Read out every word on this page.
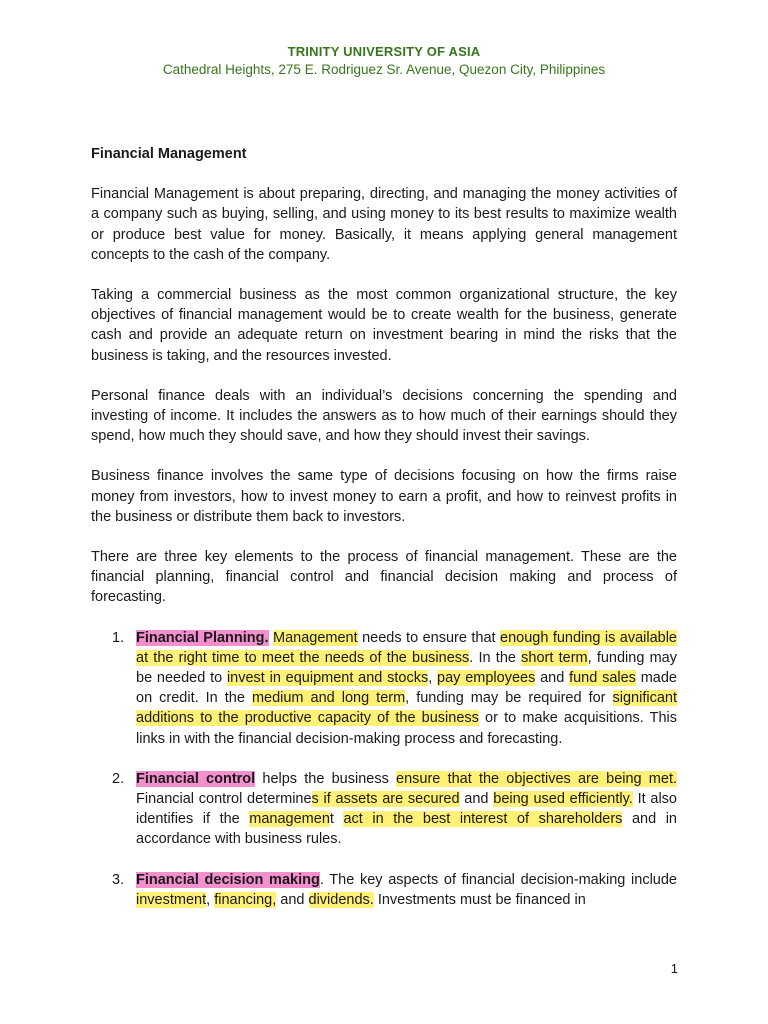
TRINITY UNIVERSITY OF ASIA
Cathedral Heights, 275 E. Rodriguez Sr. Avenue, Quezon City, Philippines
Financial Management

Financial Management is about preparing, directing, and managing the money activities of a company such as buying, selling, and using money to its best results to maximize wealth or produce best value for money. Basically, it means applying general management concepts to the cash of the company.

Taking a commercial business as the most common organizational structure, the key objectives of financial management would be to create wealth for the business, generate cash and provide an adequate return on investment bearing in mind the risks that the business is taking, and the resources invested.

Personal finance deals with an individual’s decisions concerning the spending and investing of income. It includes the answers as to how much of their earnings should they spend, how much they should save, and how they should invest their savings.

Business finance involves the same type of decisions focusing on how the firms raise money from investors, how to invest money to earn a profit, and how to reinvest profits in the business or distribute them back to investors.

There are three key elements to the process of financial management. These are the financial planning, financial control and financial decision making and process of forecasting.

1. Financial Planning. Management needs to ensure that enough funding is available at the right time to meet the needs of the business. In the short term, funding may be needed to invest in equipment and stocks, pay employees and fund sales made on credit. In the medium and long term, funding may be required for significant additions to the productive capacity of the business or to make acquisitions. This links in with the financial decision-making process and forecasting.
2. Financial control helps the business ensure that the objectives are being met. Financial control determines if assets are secured and being used efficiently. It also identifies if the management act in the best interest of shareholders and in accordance with business rules.
3. Financial decision making. The key aspects of financial decision-making include investment, financing, and dividends. Investments must be financed in
1
